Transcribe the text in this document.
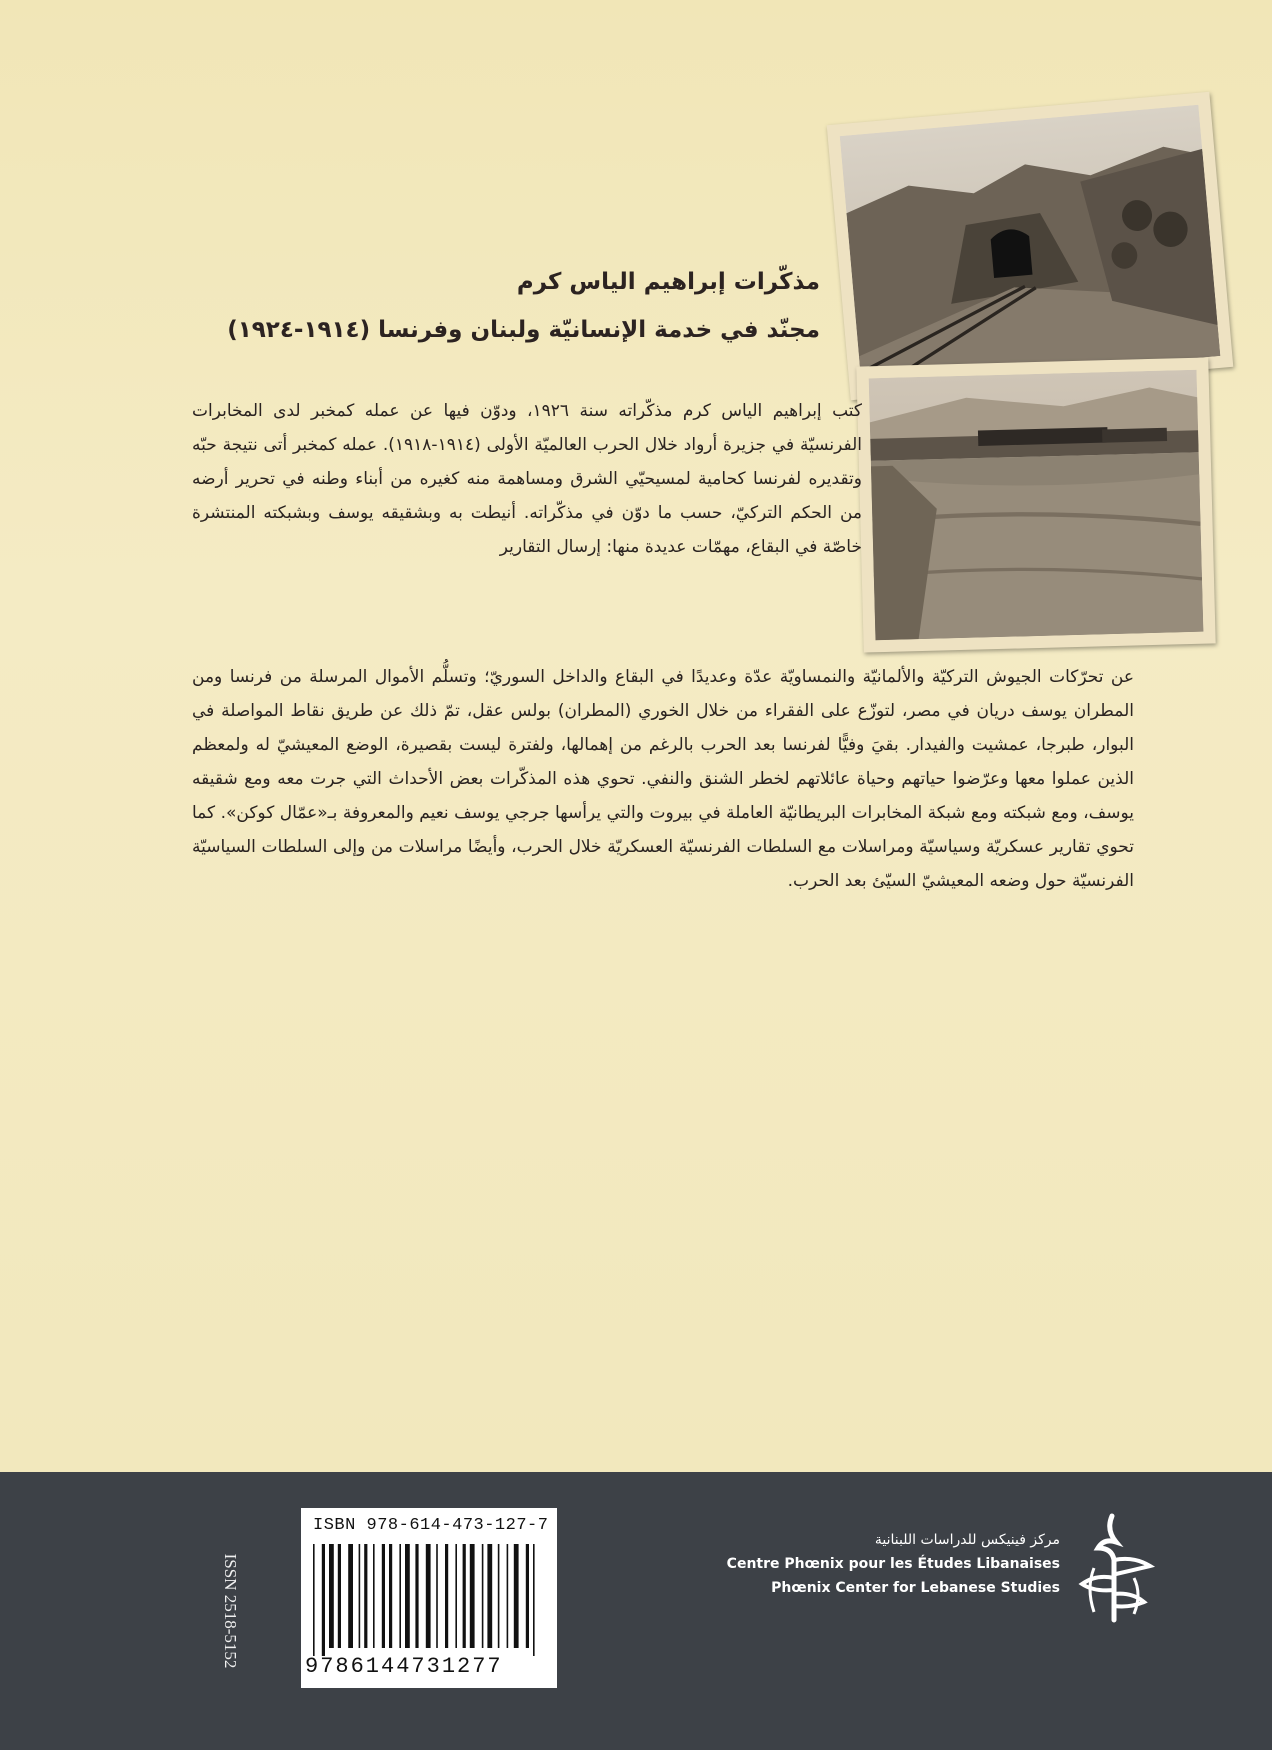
مذكّرات إبراهيم الياس كرم
مجنّد في خدمة الإنسانيّة ولبنان وفرنسا (١٩١٤-١٩٢٤)
كتب إبراهيم الياس كرم مذكّراته سنة ١٩٢٦، ودوّن فيها عن عمله كمخبر لدى المخابرات الفرنسيّة في جزيرة أرواد خلال الحرب العالميّة الأولى (١٩١٤-١٩١٨). عمله كمخبر أتى نتيجة حبّه وتقديره لفرنسا كحامية لمسيحيّي الشرق ومساهمة منه كغيره من أبناء وطنه في تحرير أرضه من الحكم التركيّ، حسب ما دوّن في مذكّراته. أنيطت به وبشقيقه يوسف وبشبكته المنتشرة خاصّة في البقاع، مهمّات عديدة منها: إرسال التقارير
عن تحرّكات الجيوش التركيّة والألمانيّة والنمساويّة عدّة وعديدًا في البقاع والداخل السوريّ؛ وتسلُّم الأموال المرسلة من فرنسا ومن المطران يوسف دريان في مصر، لتوزّع على الفقراء من خلال الخوري (المطران) بولس عقل، تمّ ذلك عن طريق نقاط المواصلة في البوار، طبرجا، عمشيت والفيدار. بقيَ وفيًّا لفرنسا بعد الحرب بالرغم من إهمالها، ولفترة ليست بقصيرة، الوضع المعيشيّ له ولمعظم الذين عملوا معها وعرّضوا حياتهم وحياة عائلاتهم لخطر الشنق والنفي. تحوي هذه المذكّرات بعض الأحداث التي جرت معه ومع شقيقه يوسف، ومع شبكته ومع شبكة المخابرات البريطانيّة العاملة في بيروت والتي يرأسها جرجي يوسف نعيم والمعروفة بـ«عمّال كوكن». كما تحوي تقارير عسكريّة وسياسيّة ومراسلات مع السلطات الفرنسيّة العسكريّة خلال الحرب، وأيضًا مراسلات من وإلى السلطات السياسيّة الفرنسيّة حول وضعه المعيشيّ السيّئ بعد الحرب.
ISSN 2518-5152
ISBN 978-614-473-127-7
9786144731277
مركز فينيكس للدراسات اللبنانية
Centre Phœnix pour les Études Libanaises
Phœnix Center for Lebanese Studies
